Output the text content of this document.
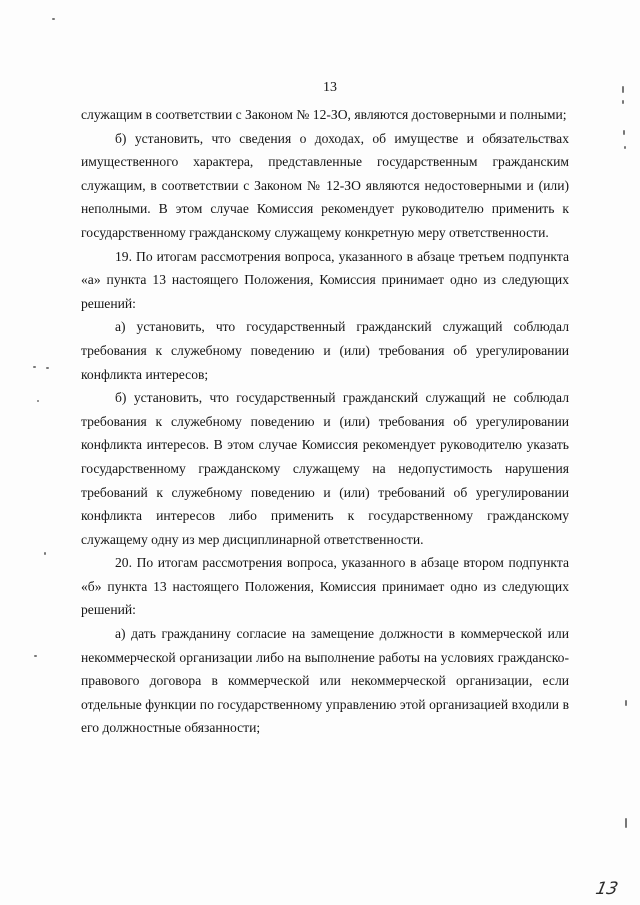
13

служащим в соответствии с Законом № 12-ЗО, являются достоверными и полными;

б) установить, что сведения о доходах, об имуществе и обязательствах имущественного характера, представленные государственным гражданским служащим, в соответствии с Законом № 12-ЗО являются недостоверными и (или) неполными. В этом случае Комиссия рекомендует руководителю применить к государственному гражданскому служащему конкретную меру ответственности.

19. По итогам рассмотрения вопроса, указанного в абзаце третьем подпункта «а» пункта 13 настоящего Положения, Комиссия принимает одно из следующих решений:

а) установить, что государственный гражданский служащий соблюдал требования к служебному поведению и (или) требования об урегулировании конфликта интересов;

б) установить, что государственный гражданский служащий не соблюдал требования к служебному поведению и (или) требования об урегулировании конфликта интересов. В этом случае Комиссия рекомендует руководителю указать государственному гражданскому служащему на недопустимость нарушения требований к служебному поведению и (или) требований об урегулировании конфликта интересов либо применить к государственному гражданскому служащему одну из мер дисциплинарной ответственности.

20. По итогам рассмотрения вопроса, указанного в абзаце втором подпункта «б» пункта 13 настоящего Положения, Комиссия принимает одно из следующих решений:

а) дать гражданину согласие на замещение должности в коммерческой или некоммерческой организации либо на выполнение работы на условиях гражданско-правового договора в коммерческой или некоммерческой организации, если отдельные функции по государственному управлению этой организацией входили в его должностные обязанности;

13
